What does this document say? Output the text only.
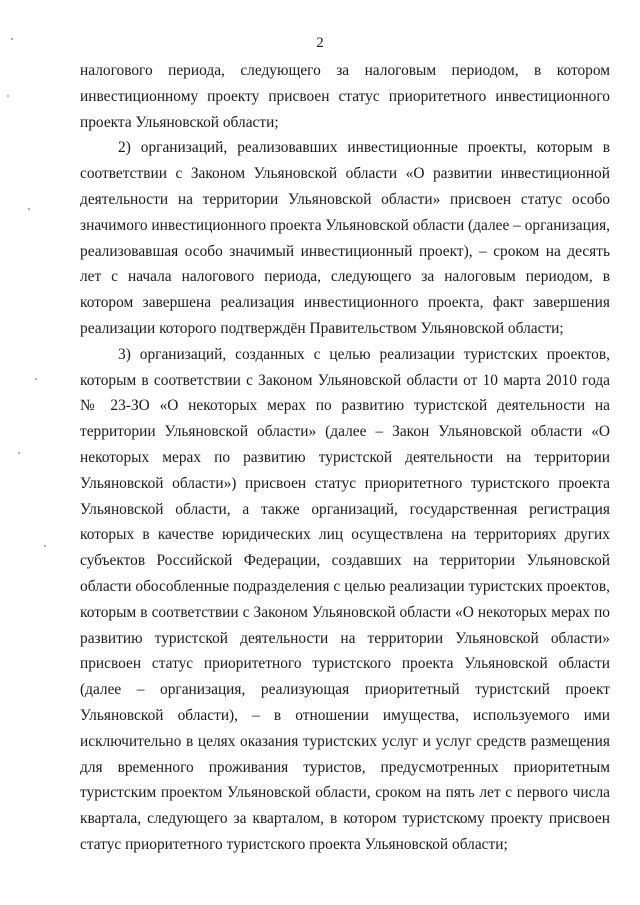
2

налогового периода, следующего за налоговым периодом, в котором инвестиционному проекту присвоен статус приоритетного инвестиционного проекта Ульяновской области;

2) организаций, реализовавших инвестиционные проекты, которым в соответствии с Законом Ульяновской области «О развитии инвестиционной деятельности на территории Ульяновской области» присвоен статус особо значимого инвестиционного проекта Ульяновской области (далее – организация, реализовавшая особо значимый инвестиционный проект), – сроком на десять лет с начала налогового периода, следующего за налоговым периодом, в котором завершена реализация инвестиционного проекта, факт завершения реализации которого подтверждён Правительством Ульяновской области;

3) организаций, созданных с целью реализации туристских проектов, которым в соответствии с Законом Ульяновской области от 10 марта 2010 года № 23-ЗО «О некоторых мерах по развитию туристской деятельности на территории Ульяновской области» (далее – Закон Ульяновской области «О некоторых мерах по развитию туристской деятельности на территории Ульяновской области») присвоен статус приоритетного туристского проекта Ульяновской области, а также организаций, государственная регистрация которых в качестве юридических лиц осуществлена на территориях других субъектов Российской Федерации, создавших на территории Ульяновской области обособленные подразделения с целью реализации туристских проектов, которым в соответствии с Законом Ульяновской области «О некоторых мерах по развитию туристской деятельности на территории Ульяновской области» присвоен статус приоритетного туристского проекта Ульяновской области (далее – организация, реализующая приоритетный туристский проект Ульяновской области), – в отношении имущества, используемого ими исключительно в целях оказания туристских услуг и услуг средств размещения для временного проживания туристов, предусмотренных приоритетным туристским проектом Ульяновской области, сроком на пять лет с первого числа квартала, следующего за кварталом, в котором туристскому проекту присвоен статус приоритетного туристского проекта Ульяновской области;
